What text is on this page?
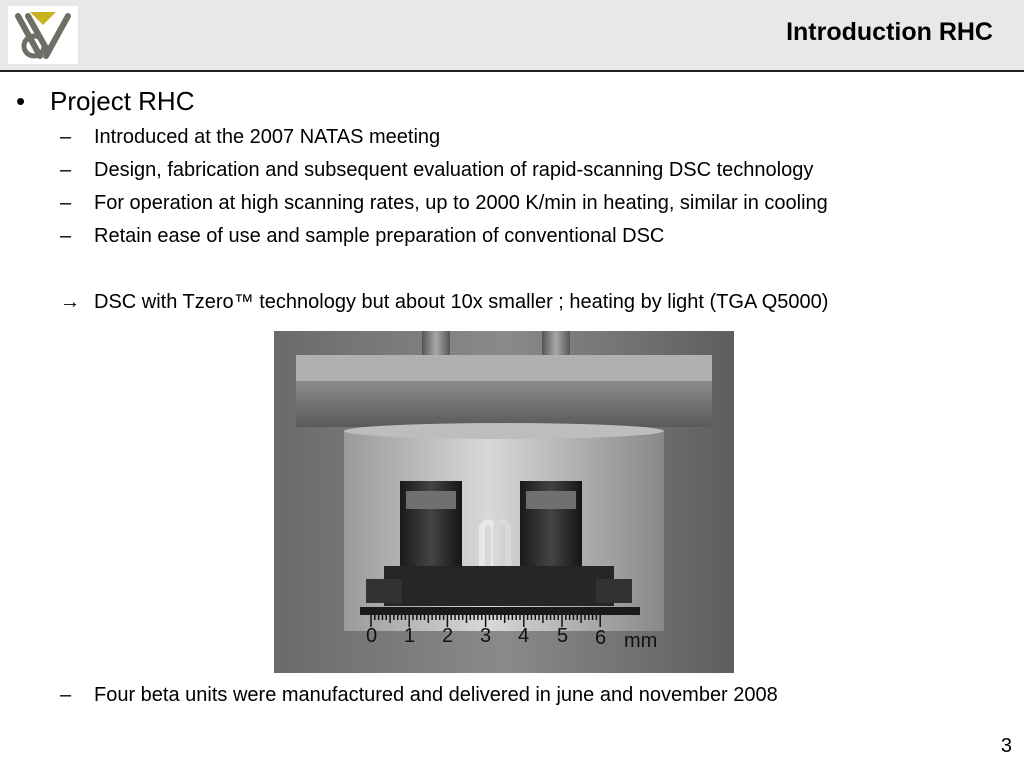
Introduction RHC
• Project RHC
– Introduced at the 2007 NATAS meeting
– Design, fabrication and subsequent evaluation of rapid-scanning DSC technology
– For operation at high scanning rates, up to 2000 K/min in heating, similar in cooling
– Retain ease of use and sample preparation of conventional DSC
→ DSC with Tzero™ technology but about 10x smaller ; heating by light (TGA Q5000)
0 1 2 3 4 5 6 mm
– Four beta units were manufactured and delivered in june and november 2008
3
